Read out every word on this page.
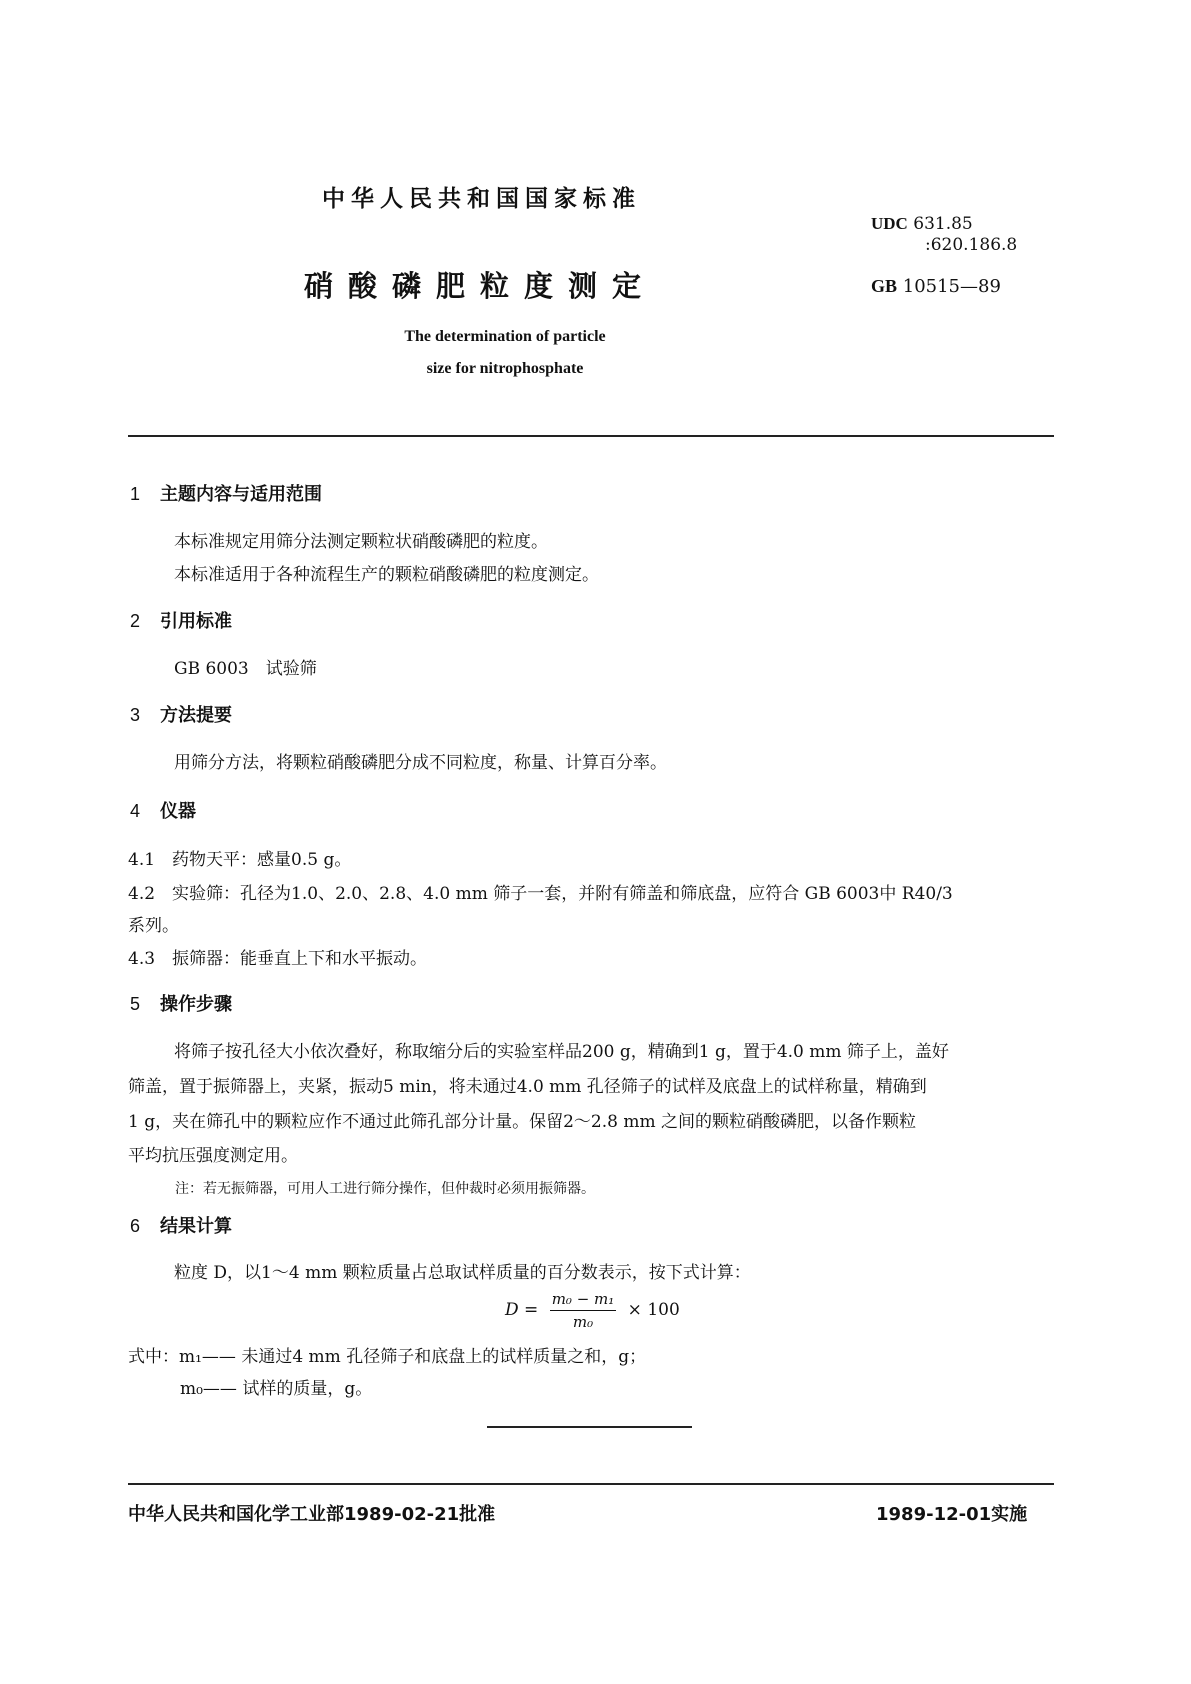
中华人民共和国国家标准
UDC 631.85
:620.186.8
硝酸磷肥粒度测定	GB 10515—89
The determination of particle
size for nitrophosphate
1 主题内容与适用范围
本标准规定用筛分法测定颗粒状硝酸磷肥的粒度。
本标准适用于各种流程生产的颗粒硝酸磷肥的粒度测定。
2 引用标准
GB 6003　试验筛
3 方法提要
用筛分方法，将颗粒硝酸磷肥分成不同粒度，称量、计算百分率。
4 仪器
4.1　药物天平：感量0.5 g。
4.2　实验筛：孔径为1.0、2.0、2.8、4.0 mm 筛子一套，并附有筛盖和筛底盘，应符合 GB 6003中 R40/3
系列。
4.3　振筛器：能垂直上下和水平振动。
5 操作步骤
将筛子按孔径大小依次叠好，称取缩分后的实验室样品200 g，精确到1 g，置于4.0 mm 筛子上，盖好
筛盖，置于振筛器上，夹紧，振动5 min，将未通过4.0 mm 孔径筛子的试样及底盘上的试样称量，精确到
1 g，夹在筛孔中的颗粒应作不通过此筛孔部分计量。保留2～2.8 mm 之间的颗粒硝酸磷肥，以备作颗粒
平均抗压强度测定用。
注：若无振筛器，可用人工进行筛分操作，但仲裁时必须用振筛器。
6 结果计算
粒度 D，以1～4 mm 颗粒质量占总取试样质量的百分数表示，按下式计算：
$D = \frac{\text{m₀ − m₁}}{\text{m₀}} \times 100$
式中：m₁—— 未通过4 mm 孔径筛子和底盘上的试样质量之和，g；
m₀—— 试样的质量，g。
中华人民共和国化学工业部1989-02-21批准	1989-12-01实施
